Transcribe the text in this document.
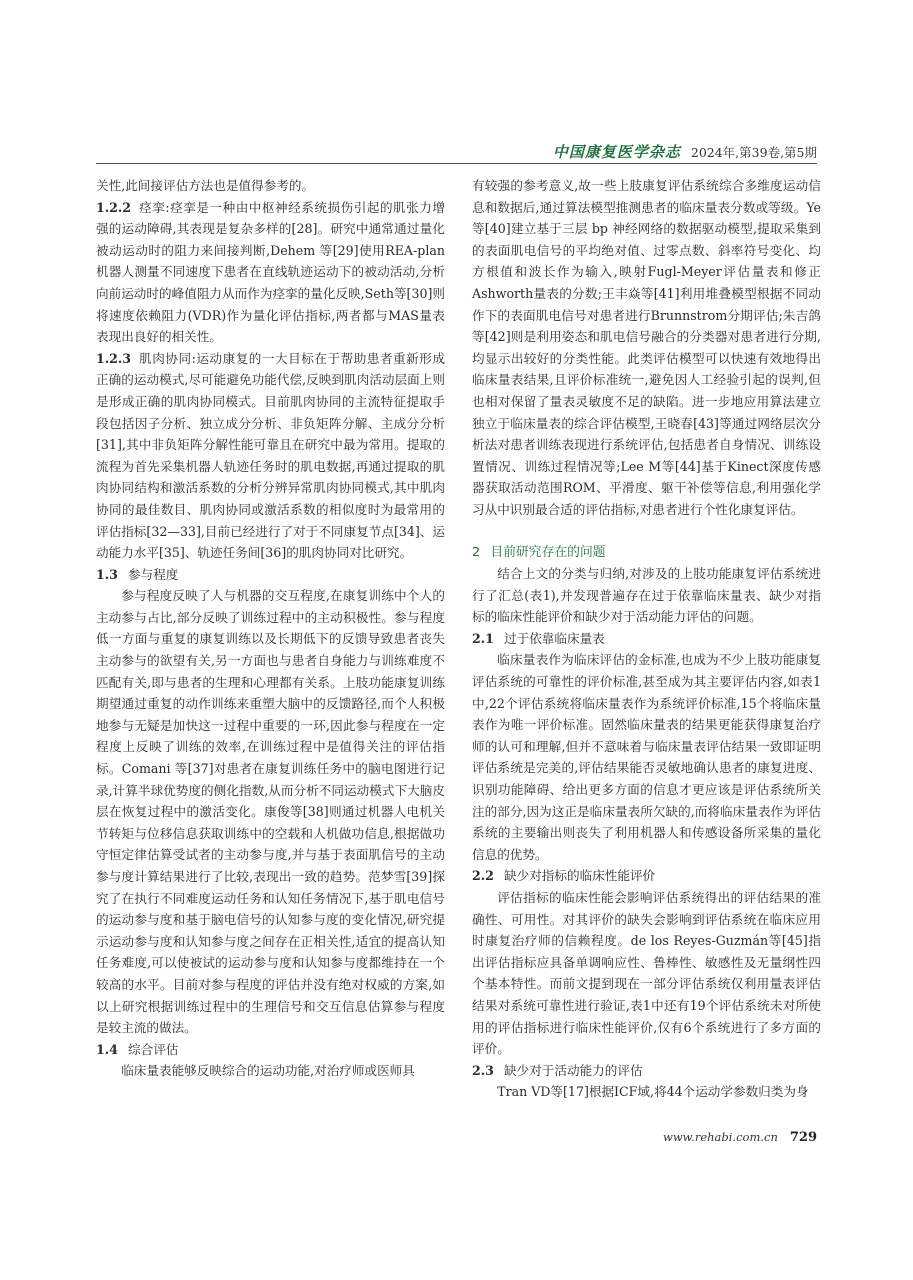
中国康复医学杂志 2024年,第39卷,第5期

关性,此间接评估方法也是值得参考的。

1.2.2 痉挛:痉挛是一种由中枢神经系统损伤引起的肌张力增强的运动障碍,其表现是复杂多样的[28]。研究中通常通过量化被动运动时的阻力来间接判断,Dehem 等[29]使用REA-plan机器人测量不同速度下患者在直线轨迹运动下的被动活动,分析向前运动时的峰值阻力从而作为痉挛的量化反映,Seth等[30]则将速度依赖阻力(VDR)作为量化评估指标,两者都与MAS量表表现出良好的相关性。

1.2.3 肌肉协同:运动康复的一大目标在于帮助患者重新形成正确的运动模式,尽可能避免功能代偿,反映到肌肉活动层面上则是形成正确的肌肉协同模式。目前肌肉协同的主流特征提取手段包括因子分析、独立成分分析、非负矩阵分解、主成分分析[31],其中非负矩阵分解性能可靠且在研究中最为常用。提取的流程为首先采集机器人轨迹任务时的肌电数据,再通过提取的肌肉协同结构和激活系数的分析分辨异常肌肉协同模式,其中肌肉协同的最佳数目、肌肉协同或激活系数的相似度时为最常用的评估指标[32—33],目前已经进行了对于不同康复节点[34]、运动能力水平[35]、轨迹任务间[36]的肌肉协同对比研究。

1.3 参与程度

参与程度反映了人与机器的交互程度,在康复训练中个人的主动参与占比,部分反映了训练过程中的主动积极性。参与程度低一方面与重复的康复训练以及长期低下的反馈导致患者丧失主动参与的欲望有关,另一方面也与患者自身能力与训练难度不匹配有关,即与患者的生理和心理都有关系。上肢功能康复训练期望通过重复的动作训练来重塑大脑中的反馈路径,而个人积极地参与无疑是加快这一过程中重要的一环,因此参与程度在一定程度上反映了训练的效率,在训练过程中是值得关注的评估指标。Comani 等[37]对患者在康复训练任务中的脑电图进行记录,计算半球优势度的侧化指数,从而分析不同运动模式下大脑皮层在恢复过程中的激活变化。康俊等[38]则通过机器人电机关节转矩与位移信息获取训练中的空载和人机做功信息,根据做功守恒定律估算受试者的主动参与度,并与基于表面肌信号的主动参与度计算结果进行了比较,表现出一致的趋势。范梦雪[39]探究了在执行不同难度运动任务和认知任务情况下,基于肌电信号的运动参与度和基于脑电信号的认知参与度的变化情况,研究提示运动参与度和认知参与度之间存在正相关性,适宜的提高认知任务难度,可以使被试的运动参与度和认知参与度都维持在一个较高的水平。目前对参与程度的评估并没有绝对权威的方案,如以上研究根据训练过程中的生理信号和交互信息估算参与程度是较主流的做法。

1.4 综合评估

临床量表能够反映综合的运动功能,对治疗师或医师具

有较强的参考意义,故一些上肢康复评估系统综合多维度运动信息和数据后,通过算法模型推测患者的临床量表分数或等级。Ye 等[40]建立基于三层 bp 神经网络的数据驱动模型,提取采集到的表面肌电信号的平均绝对值、过零点数、斜率符号变化、均方根值和波长作为输入,映射Fugl-Meyer评估量表和修正Ashworth量表的分数;王丰焱等[41]利用堆叠模型根据不同动作下的表面肌电信号对患者进行Brunnstrom分期评估;朱吉鸽等[42]则是利用姿态和肌电信号融合的分类器对患者进行分期,均显示出较好的分类性能。此类评估模型可以快速有效地得出临床量表结果,且评价标准统一,避免因人工经验引起的误判,但也相对保留了量表灵敏度不足的缺陷。进一步地应用算法建立独立于临床量表的综合评估模型,王晓春[43]等通过网络层次分析法对患者训练表现进行系统评估,包括患者自身情况、训练设置情况、训练过程情况等;Lee M等[44]基于Kinect深度传感器获取活动范围ROM、平滑度、躯干补偿等信息,利用强化学习从中识别最合适的评估指标,对患者进行个性化康复评估。

2 目前研究存在的问题

结合上文的分类与归纳,对涉及的上肢功能康复评估系统进行了汇总(表1),并发现普遍存在过于依靠临床量表、缺少对指标的临床性能评价和缺少对于活动能力评估的问题。

2.1 过于依靠临床量表

临床量表作为临床评估的金标准,也成为不少上肢功能康复评估系统的可靠性的评价标准,甚至成为其主要评估内容,如表1中,22个评估系统将临床量表作为系统评价标准,15个将临床量表作为唯一评价标准。固然临床量表的结果更能获得康复治疗师的认可和理解,但并不意味着与临床量表评估结果一致即证明评估系统是完美的,评估结果能否灵敏地确认患者的康复进度、识别功能障碍、给出更多方面的信息才更应该是评估系统所关注的部分,因为这正是临床量表所欠缺的,而将临床量表作为评估系统的主要输出则丧失了利用机器人和传感设备所采集的量化信息的优势。

2.2 缺少对指标的临床性能评价

评估指标的临床性能会影响评估系统得出的评估结果的准确性、可用性。对其评价的缺失会影响到评估系统在临床应用时康复治疗师的信赖程度。de los Reyes-Guzmán等[45]指出评估指标应具备单调响应性、鲁棒性、敏感性及无量纲性四个基本特性。而前文提到现在一部分评估系统仅利用量表评估结果对系统可靠性进行验证,表1中还有19个评估系统未对所使用的评估指标进行临床性能评价,仅有6个系统进行了多方面的评价。

2.3 缺少对于活动能力的评估

Tran VD等[17]根据ICF域,将44个运动学参数归类为身

www.rehabi.com.cn 729
